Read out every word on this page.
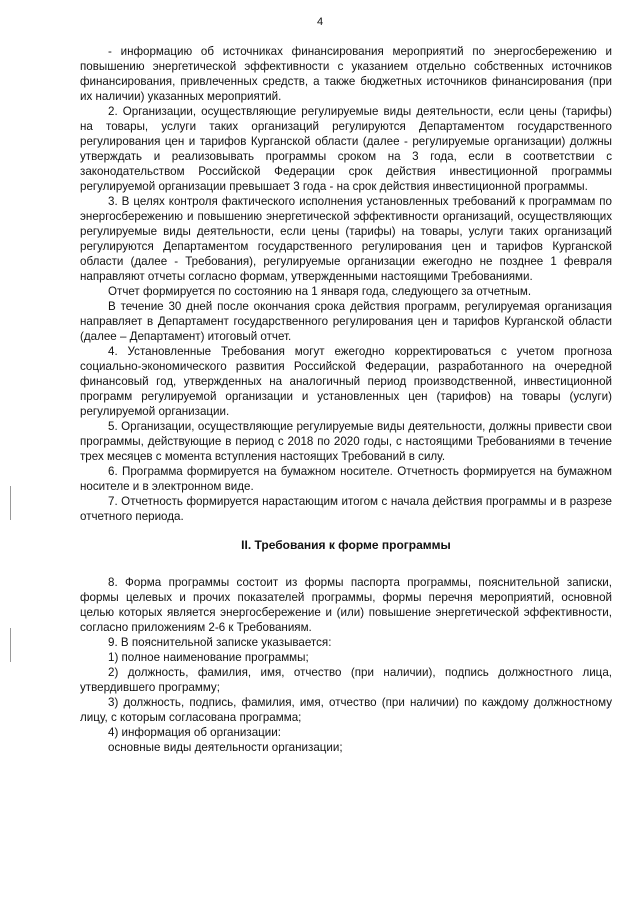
4

- информацию об источниках финансирования мероприятий по энергосбережению и повышению энергетической эффективности с указанием отдельно собственных источников финансирования, привлеченных средств, а также бюджетных источников финансирования (при их наличии) указанных мероприятий.

2. Организации, осуществляющие регулируемые виды деятельности, если цены (тарифы) на товары, услуги таких организаций регулируются Департаментом государственного регулирования цен и тарифов Курганской области (далее - регулируемые организации) должны утверждать и реализовывать программы сроком на 3 года, если в соответствии с законодательством Российской Федерации срок действия инвестиционной программы регулируемой организации превышает 3 года - на срок действия инвестиционной программы.

3. В целях контроля фактического исполнения установленных требований к программам по энергосбережению и повышению энергетической эффективности организаций, осуществляющих регулируемые виды деятельности, если цены (тарифы) на товары, услуги таких организаций регулируются Департаментом государственного регулирования цен и тарифов Курганской области (далее - Требования), регулируемые организации ежегодно не позднее 1 февраля направляют отчеты согласно формам, утвержденными настоящими Требованиями.

Отчет формируется по состоянию на 1 января года, следующего за отчетным.

В течение 30 дней после окончания срока действия программ, регулируемая организация направляет в Департамент государственного регулирования цен и тарифов Курганской области (далее – Департамент) итоговый отчет.

4. Установленные Требования могут ежегодно корректироваться с учетом прогноза социально-экономического развития Российской Федерации, разработанного на очередной финансовый год, утвержденных на аналогичный период производственной, инвестиционной программ регулируемой организации и установленных цен (тарифов) на товары (услуги) регулируемой организации.

5. Организации, осуществляющие регулируемые виды деятельности, должны привести свои программы, действующие в период с 2018 по 2020 годы, с настоящими Требованиями в течение трех месяцев с момента вступления настоящих Требований в силу.

6. Программа формируется на бумажном носителе. Отчетность формируется на бумажном носителе и в электронном виде.

7. Отчетность формируется нарастающим итогом с начала действия программы и в разрезе отчетного периода.

II. Требования к форме программы

8. Форма программы состоит из формы паспорта программы, пояснительной записки, формы целевых и прочих показателей программы, формы перечня мероприятий, основной целью которых является энергосбережение и (или) повышение энергетической эффективности, согласно приложениям 2-6 к Требованиям.

9. В пояснительной записке указывается:

1) полное наименование программы;

2) должность, фамилия, имя, отчество (при наличии), подпись должностного лица, утвердившего программу;

3) должность, подпись, фамилия, имя, отчество (при наличии) по каждому должностному лицу, с которым согласована программа;

4) информация об организации:

основные виды деятельности организации;
